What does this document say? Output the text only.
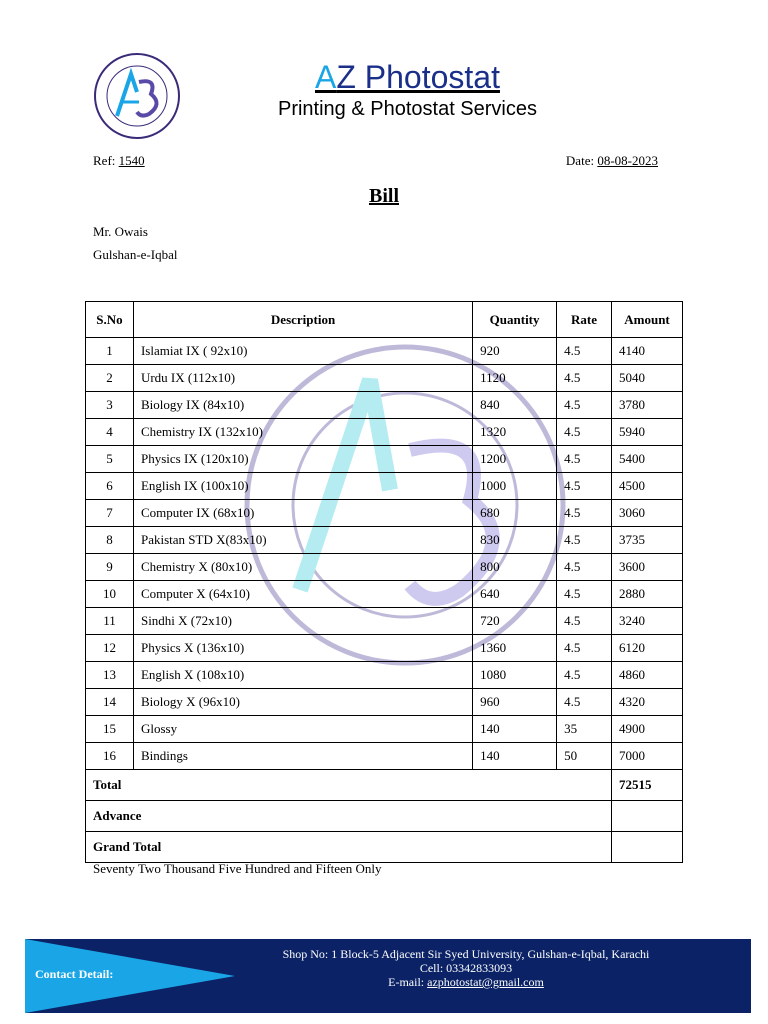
AZ Photostat
Printing & Photostat Services
Ref: 1540	Date: 08-08-2023
Bill
Mr. Owais
Gulshan-e-Iqbal
S.No	Description	Quantity	Rate	Amount
1	Islamiat IX ( 92x10)	920	4.5	4140
2	Urdu IX (112x10)	1120	4.5	5040
3	Biology IX (84x10)	840	4.5	3780
4	Chemistry IX (132x10)	1320	4.5	5940
5	Physics IX (120x10)	1200	4.5	5400
6	English IX (100x10)	1000	4.5	4500
7	Computer IX (68x10)	680	4.5	3060
8	Pakistan STD X(83x10)	830	4.5	3735
9	Chemistry X (80x10)	800	4.5	3600
10	Computer X (64x10)	640	4.5	2880
11	Sindhi X (72x10)	720	4.5	3240
12	Physics X (136x10)	1360	4.5	6120
13	English X (108x10)	1080	4.5	4860
14	Biology X (96x10)	960	4.5	4320
15	Glossy	140	35	4900
16	Bindings	140	50	7000
Total				72515
Advance				
Grand Total				
Seventy Two Thousand Five Hundred and Fifteen Only
Contact Detail:
Shop No: 1 Block-5 Adjacent Sir Syed University, Gulshan-e-Iqbal, Karachi
Cell: 03342833093
E-mail: azphotostat@gmail.com
